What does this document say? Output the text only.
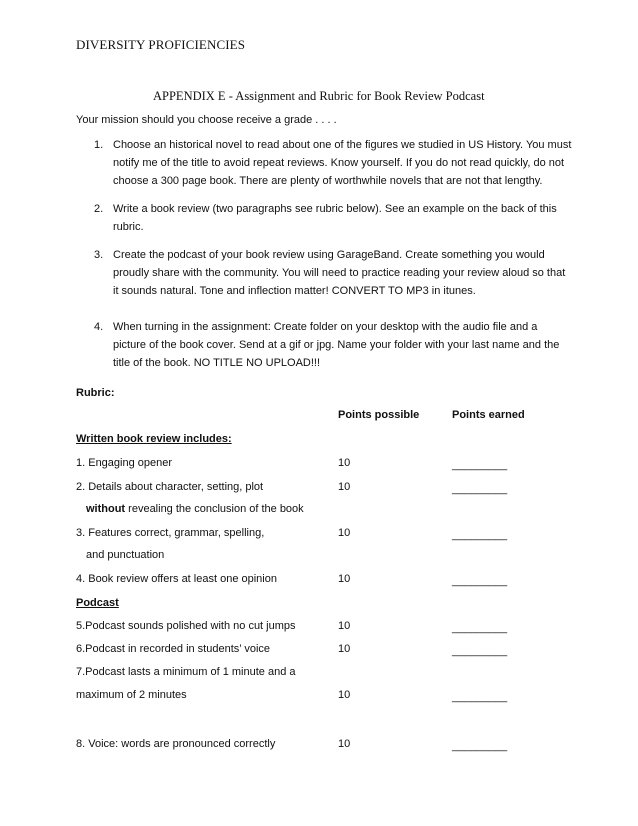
DIVERSITY PROFICIENCIES
APPENDIX E - Assignment and Rubric for Book Review Podcast
Your mission should you choose receive a grade . . . .
1. Choose an historical novel to read about one of the figures we studied in US History. You must notify me of the title to avoid repeat reviews. Know yourself. If you do not read quickly, do not choose a 300 page book. There are plenty of worthwhile novels that are not that lengthy.
2. Write a book review (two paragraphs see rubric below). See an example on the back of this rubric.
3. Create the podcast of your book review using GarageBand. Create something you would proudly share with the community. You will need to practice reading your review aloud so that it sounds natural. Tone and inflection matter! CONVERT TO MP3 in itunes.
4. When turning in the assignment: Create folder on your desktop with the audio file and a picture of the book cover. Send at a gif or jpg. Name your folder with your last name and the title of the book. NO TITLE NO UPLOAD!!!
Rubric:
Points possible	Points earned
Written book review includes:
1. Engaging opener	10	_________
2. Details about character, setting, plot	10	_________
without revealing the conclusion of the book
3. Features correct, grammar, spelling,	10	_________
and punctuation
4. Book review offers at least one opinion	10	_________
Podcast
5.Podcast sounds polished with no cut jumps	10	_________
6.Podcast in recorded in students’ voice	10	_________
7.Podcast lasts a minimum of 1 minute and a
maximum of 2 minutes	10	_________
8. Voice: words are pronounced correctly	10	_________
